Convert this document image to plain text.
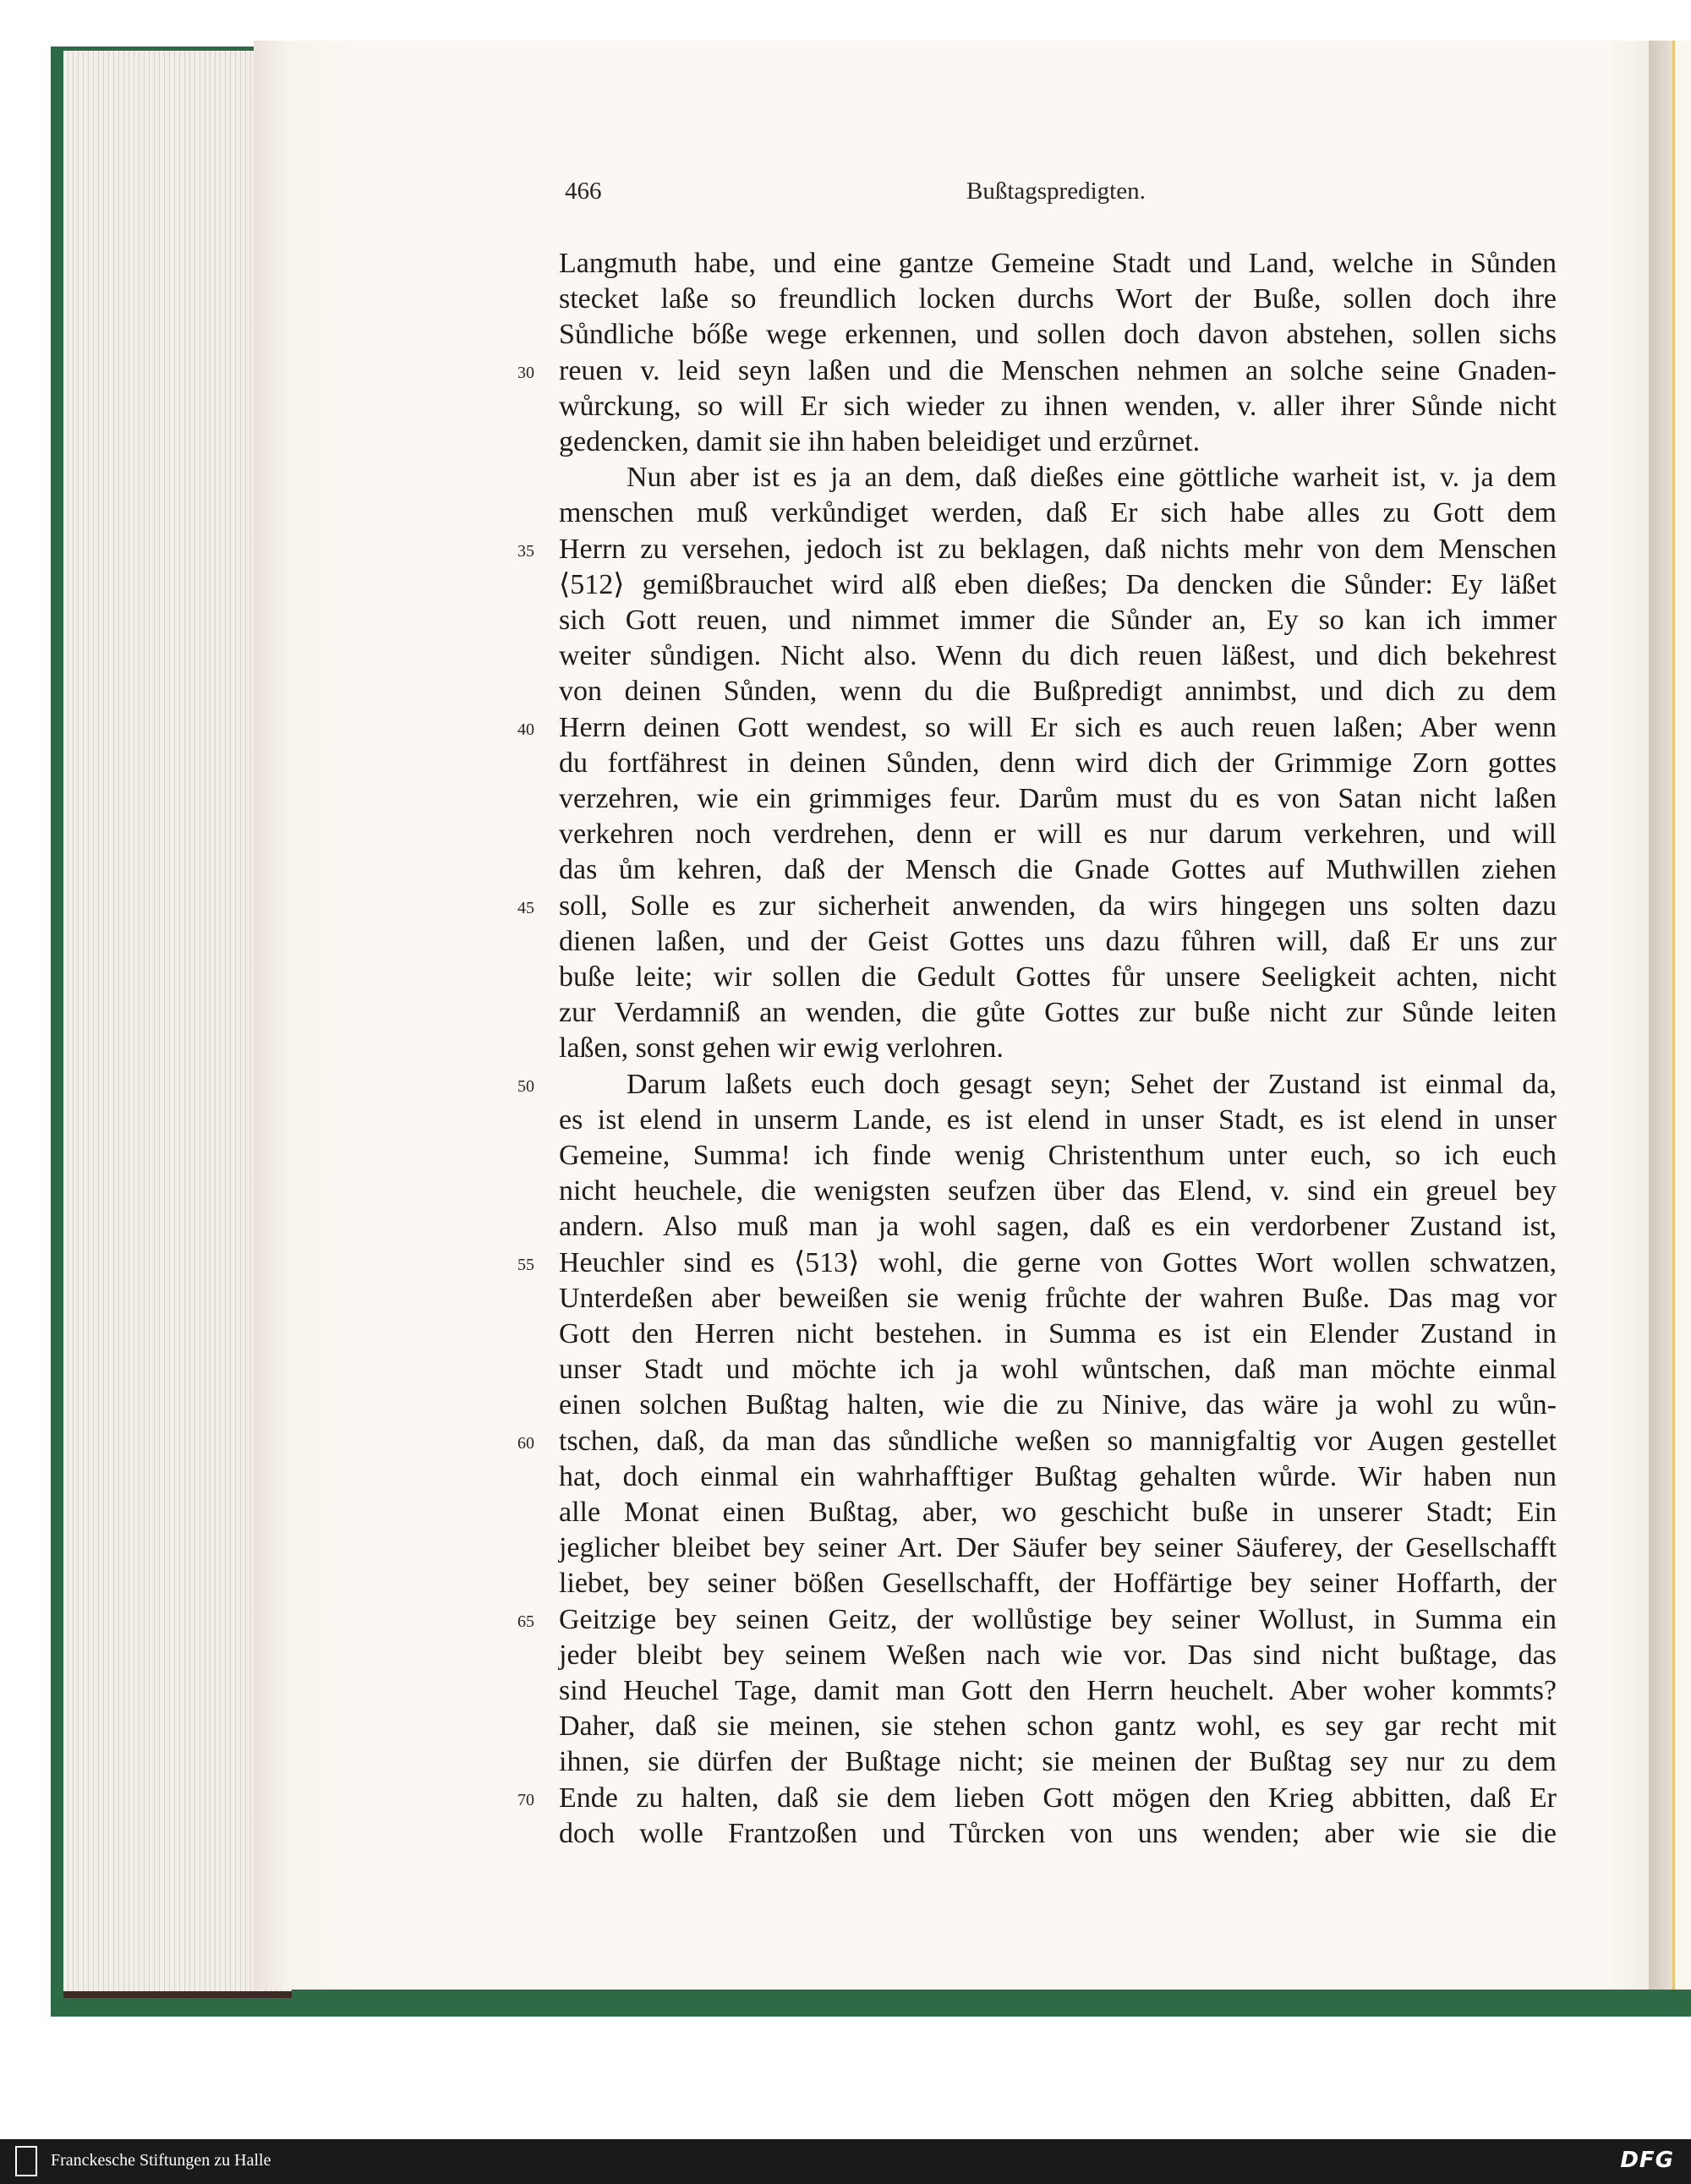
466	Bußtagspredigten.
Langmuth habe, und eine gantze Gemeine Stadt und Land, welche in Sůnden
stecket laße so freundlich locken durchs Wort der Buße, sollen doch ihre
Sůndliche bőße wege erkennen, und sollen doch davon abstehen, sollen sichs
reuen v. leid seyn laßen und die Menschen nehmen an solche seine Gnaden-
30
wůrckung, so will Er sich wieder zu ihnen wenden, v. aller ihrer Sůnde nicht
gedencken, damit sie ihn haben beleidiget und erzůrnet.
Nun aber ist es ja an dem, daß dießes eine göttliche warheit ist, v. ja dem
menschen muß verkůndiget werden, daß Er sich habe alles zu Gott dem
Herrn zu versehen, jedoch ist zu beklagen, daß nichts mehr von dem Menschen
35
⟨512⟩ gemißbrauchet wird alß eben dießes; Da dencken die Sůnder: Ey läßet
sich Gott reuen, und nimmet immer die Sůnder an, Ey so kan ich immer
weiter sůndigen. Nicht also. Wenn du dich reuen läßest, und dich bekehrest
von deinen Sůnden, wenn du die Bußpredigt annimbst, und dich zu dem
Herrn deinen Gott wendest, so will Er sich es auch reuen laßen; Aber wenn
40
du fortfährest in deinen Sůnden, denn wird dich der Grimmige Zorn gottes
verzehren, wie ein grimmiges feur. Darům must du es von Satan nicht laßen
verkehren noch verdrehen, denn er will es nur darum verkehren, und will
das ům kehren, daß der Mensch die Gnade Gottes auf Muthwillen ziehen
soll, Solle es zur sicherheit anwenden, da wirs hingegen uns solten dazu
45
dienen laßen, und der Geist Gottes uns dazu fůhren will, daß Er uns zur
buße leite; wir sollen die Gedult Gottes fůr unsere Seeligkeit achten, nicht
zur Verdamniß an wenden, die gůte Gottes zur buße nicht zur Sůnde leiten
laßen, sonst gehen wir ewig verlohren.
Darum laßets euch doch gesagt seyn; Sehet der Zustand ist einmal da,
50
es ist elend in unserm Lande, es ist elend in unser Stadt, es ist elend in unser
Gemeine, Summa! ich finde wenig Christenthum unter euch, so ich euch
nicht heuchele, die wenigsten seufzen über das Elend, v. sind ein greuel bey
andern. Also muß man ja wohl sagen, daß es ein verdorbener Zustand ist,
Heuchler sind es ⟨513⟩ wohl, die gerne von Gottes Wort wollen schwatzen,
55
Unterdeßen aber beweißen sie wenig frůchte der wahren Buße. Das mag vor
Gott den Herren nicht bestehen. in Summa es ist ein Elender Zustand in
unser Stadt und möchte ich ja wohl wůntschen, daß man möchte einmal
einen solchen Bußtag halten, wie die zu Ninive, das wäre ja wohl zu wůn-
tschen, daß, da man das sůndliche weßen so mannigfaltig vor Augen gestellet
60
hat, doch einmal ein wahrhafftiger Bußtag gehalten wůrde. Wir haben nun
alle Monat einen Bußtag, aber, wo geschicht buße in unserer Stadt; Ein
jeglicher bleibet bey seiner Art. Der Säufer bey seiner Säuferey, der Gesellschafft
liebet, bey seiner bößen Gesellschafft, der Hoffärtige bey seiner Hoffarth, der
Geitzige bey seinen Geitz, der wollůstige bey seiner Wollust, in Summa ein
65
jeder bleibt bey seinem Weßen nach wie vor. Das sind nicht bußtage, das
sind Heuchel Tage, damit man Gott den Herrn heuchelt. Aber woher kommts?
Daher, daß sie meinen, sie stehen schon gantz wohl, es sey gar recht mit
ihnen, sie dürfen der Bußtage nicht; sie meinen der Bußtag sey nur zu dem
Ende zu halten, daß sie dem lieben Gott mögen den Krieg abbitten, daß Er
70
doch wolle Frantzoßen und Tůrcken von uns wenden; aber wie sie die
Franckesche Stiftungen zu Halle	DFG
